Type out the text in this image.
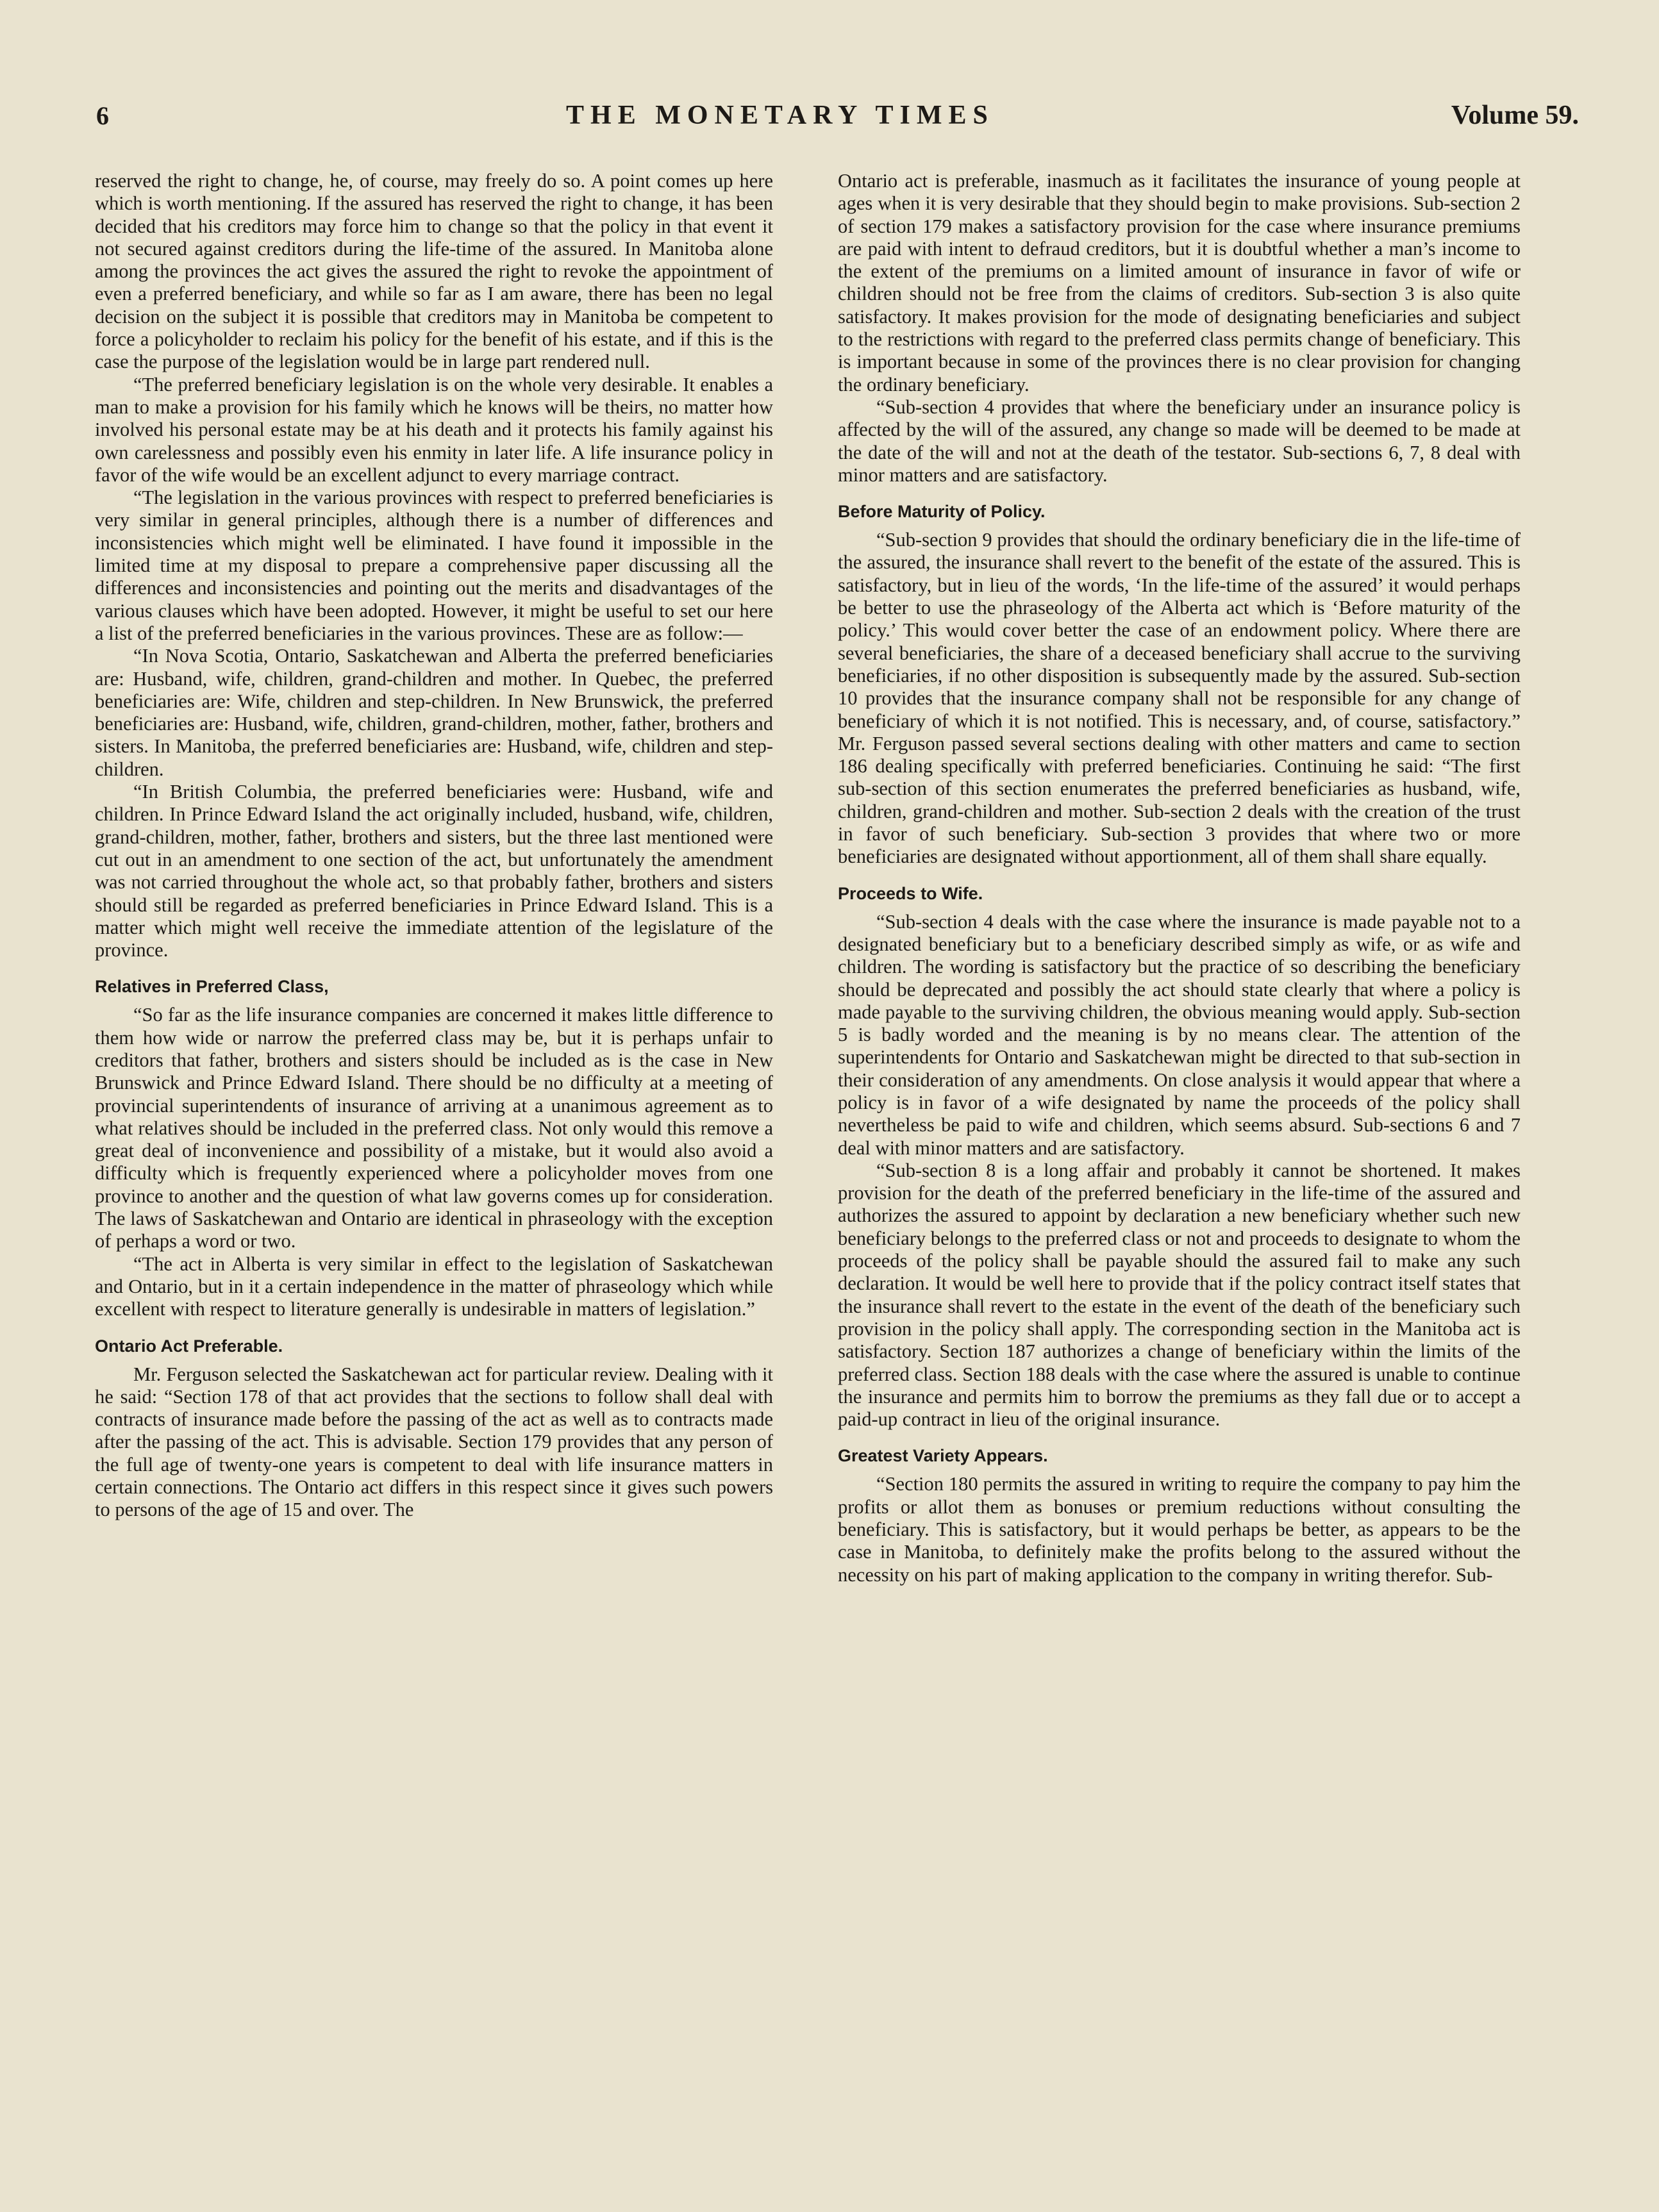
6	THE MONETARY TIMES	Volume 59.

reserved the right to change, he, of course, may freely do so. A point comes up here which is worth mentioning. If the assured has reserved the right to change, it has been decided that his creditors may force him to change so that the policy in that event it not secured against creditors during the life-time of the assured. In Manitoba alone among the provinces the act gives the assured the right to revoke the appointment of even a preferred beneficiary, and while so far as I am aware, there has been no legal decision on the subject it is possible that creditors may in Manitoba be competent to force a policyholder to reclaim his policy for the benefit of his estate, and if this is the case the purpose of the legislation would be in large part rendered null.

“The preferred beneficiary legislation is on the whole very desirable. It enables a man to make a provision for his family which he knows will be theirs, no matter how involved his personal estate may be at his death and it protects his family against his own carelessness and possibly even his enmity in later life. A life insurance policy in favor of the wife would be an excellent adjunct to every marriage contract.

“The legislation in the various provinces with respect to preferred beneficiaries is very similar in general principles, although there is a number of differences and inconsistencies which might well be eliminated. I have found it impossible in the limited time at my disposal to prepare a comprehensive paper discussing all the differences and inconsistencies and pointing out the merits and disadvantages of the various clauses which have been adopted. However, it might be useful to set our here a list of the preferred beneficiaries in the various provinces. These are as follow:—

“In Nova Scotia, Ontario, Saskatchewan and Alberta the preferred beneficiaries are: Husband, wife, children, grand-children and mother. In Quebec, the preferred beneficiaries are: Wife, children and step-children. In New Brunswick, the preferred beneficiaries are: Husband, wife, children, grand-children, mother, father, brothers and sisters. In Manitoba, the preferred beneficiaries are: Husband, wife, children and step-children.

“In British Columbia, the preferred beneficiaries were: Husband, wife and children. In Prince Edward Island the act originally included, husband, wife, children, grand-children, mother, father, brothers and sisters, but the three last mentioned were cut out in an amendment to one section of the act, but unfortunately the amendment was not carried throughout the whole act, so that probably father, brothers and sisters should still be regarded as preferred beneficiaries in Prince Edward Island. This is a matter which might well receive the immediate attention of the legislature of the province.

Relatives in Preferred Class,

“So far as the life insurance companies are concerned it makes little difference to them how wide or narrow the preferred class may be, but it is perhaps unfair to creditors that father, brothers and sisters should be included as is the case in New Brunswick and Prince Edward Island. There should be no difficulty at a meeting of provincial superintendents of insurance of arriving at a unanimous agreement as to what relatives should be included in the preferred class. Not only would this remove a great deal of inconvenience and possibility of a mistake, but it would also avoid a difficulty which is frequently experienced where a policyholder moves from one province to another and the question of what law governs comes up for consideration. The laws of Saskatchewan and Ontario are identical in phraseology with the exception of perhaps a word or two.

“The act in Alberta is very similar in effect to the legislation of Saskatchewan and Ontario, but in it a certain independence in the matter of phraseology which while excellent with respect to literature generally is undesirable in matters of legislation.”

Ontario Act Preferable.

Mr. Ferguson selected the Saskatchewan act for particular review. Dealing with it he said: “Section 178 of that act provides that the sections to follow shall deal with contracts of insurance made before the passing of the act as well as to contracts made after the passing of the act. This is advisable. Section 179 provides that any person of the full age of twenty-one years is competent to deal with life insurance matters in certain connections. The Ontario act differs in this respect since it gives such powers to persons of the age of 15 and over. The

Ontario act is preferable, inasmuch as it facilitates the insurance of young people at ages when it is very desirable that they should begin to make provisions. Sub-section 2 of section 179 makes a satisfactory provision for the case where insurance premiums are paid with intent to defraud creditors, but it is doubtful whether a man’s income to the extent of the premiums on a limited amount of insurance in favor of wife or children should not be free from the claims of creditors. Sub-section 3 is also quite satisfactory. It makes provision for the mode of designating beneficiaries and subject to the restrictions with regard to the preferred class permits change of beneficiary. This is important because in some of the provinces there is no clear provision for changing the ordinary beneficiary.

“Sub-section 4 provides that where the beneficiary under an insurance policy is affected by the will of the assured, any change so made will be deemed to be made at the date of the will and not at the death of the testator. Sub-sections 6, 7, 8 deal with minor matters and are satisfactory.

Before Maturity of Policy.

“Sub-section 9 provides that should the ordinary beneficiary die in the life-time of the assured, the insurance shall revert to the benefit of the estate of the assured. This is satisfactory, but in lieu of the words, ‘In the life-time of the assured’ it would perhaps be better to use the phraseology of the Alberta act which is ‘Before maturity of the policy.’ This would cover better the case of an endowment policy. Where there are several beneficiaries, the share of a deceased beneficiary shall accrue to the surviving beneficiaries, if no other disposition is subsequently made by the assured. Sub-section 10 provides that the insurance company shall not be responsible for any change of beneficiary of which it is not notified. This is necessary, and, of course, satisfactory.” Mr. Ferguson passed several sections dealing with other matters and came to section 186 dealing specifically with preferred beneficiaries. Continuing he said: “The first sub-section of this section enumerates the preferred beneficiaries as husband, wife, children, grand-children and mother. Sub-section 2 deals with the creation of the trust in favor of such beneficiary. Sub-section 3 provides that where two or more beneficiaries are designated without apportionment, all of them shall share equally.

Proceeds to Wife.

“Sub-section 4 deals with the case where the insurance is made payable not to a designated beneficiary but to a beneficiary described simply as wife, or as wife and children. The wording is satisfactory but the practice of so describing the beneficiary should be deprecated and possibly the act should state clearly that where a policy is made payable to the surviving children, the obvious meaning would apply. Sub-section 5 is badly worded and the meaning is by no means clear. The attention of the superintendents for Ontario and Saskatchewan might be directed to that sub-section in their consideration of any amendments. On close analysis it would appear that where a policy is in favor of a wife designated by name the proceeds of the policy shall nevertheless be paid to wife and children, which seems absurd. Sub-sections 6 and 7 deal with minor matters and are satisfactory.

“Sub-section 8 is a long affair and probably it cannot be shortened. It makes provision for the death of the preferred beneficiary in the life-time of the assured and authorizes the assured to appoint by declaration a new beneficiary whether such new beneficiary belongs to the preferred class or not and proceeds to designate to whom the proceeds of the policy shall be payable should the assured fail to make any such declaration. It would be well here to provide that if the policy contract itself states that the insurance shall revert to the estate in the event of the death of the beneficiary such provision in the policy shall apply. The corresponding section in the Manitoba act is satisfactory. Section 187 authorizes a change of beneficiary within the limits of the preferred class. Section 188 deals with the case where the assured is unable to continue the insurance and permits him to borrow the premiums as they fall due or to accept a paid-up contract in lieu of the original insurance.

Greatest Variety Appears.

“Section 180 permits the assured in writing to require the company to pay him the profits or allot them as bonuses or premium reductions without consulting the beneficiary. This is satisfactory, but it would perhaps be better, as appears to be the case in Manitoba, to definitely make the profits belong to the assured without the necessity on his part of making application to the company in writing therefor. Sub-
